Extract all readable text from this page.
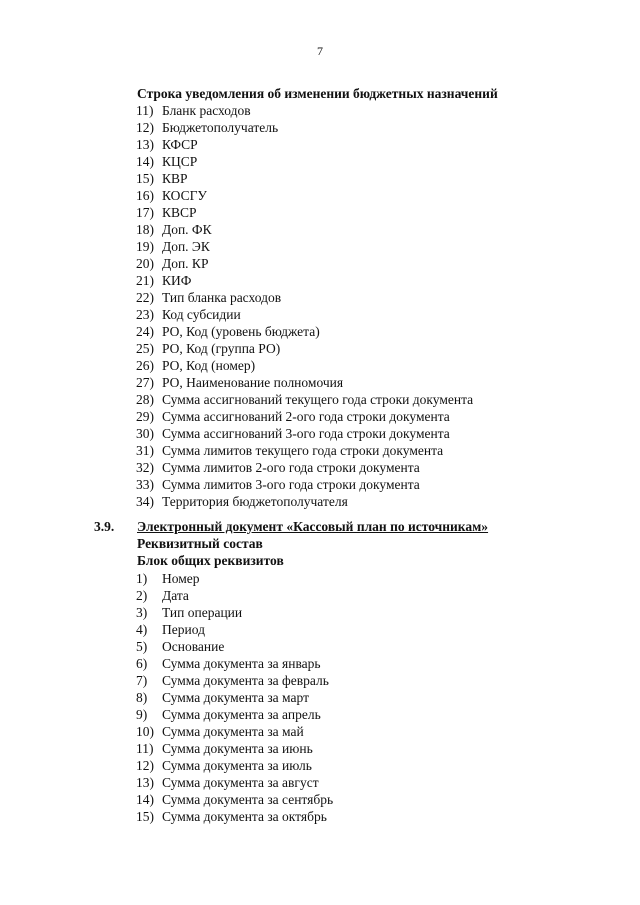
7
Строка уведомления об изменении бюджетных назначений
11) Бланк расходов
12) Бюджетополучатель
13) КФСР
14) КЦСР
15) КВР
16) КОСГУ
17) КВСР
18) Доп. ФК
19) Доп. ЭК
20) Доп. КР
21) КИФ
22) Тип бланка расходов
23) Код субсидии
24) РО, Код (уровень бюджета)
25) РО, Код (группа РО)
26) РО, Код (номер)
27) РО, Наименование полномочия
28) Сумма ассигнований текущего года строки документа
29) Сумма ассигнований 2-ого года строки документа
30) Сумма ассигнований 3-ого года строки документа
31) Сумма лимитов текущего года строки документа
32) Сумма лимитов 2-ого года строки документа
33) Сумма лимитов 3-ого года строки документа
34) Территория бюджетополучателя
3.9. Электронный документ «Кассовый план по источникам»
Реквизитный состав
Блок общих реквизитов
1)	Номер
2)	Дата
3)	Тип операции
4)	Период
5)	Основание
6)	Сумма документа за январь
7)	Сумма документа за февраль
8)	Сумма документа за март
9)	Сумма документа за апрель
10) Сумма документа за май
11) Сумма документа за июнь
12) Сумма документа за июль
13) Сумма документа за август
14) Сумма документа за сентябрь
15) Сумма документа за октябрь
